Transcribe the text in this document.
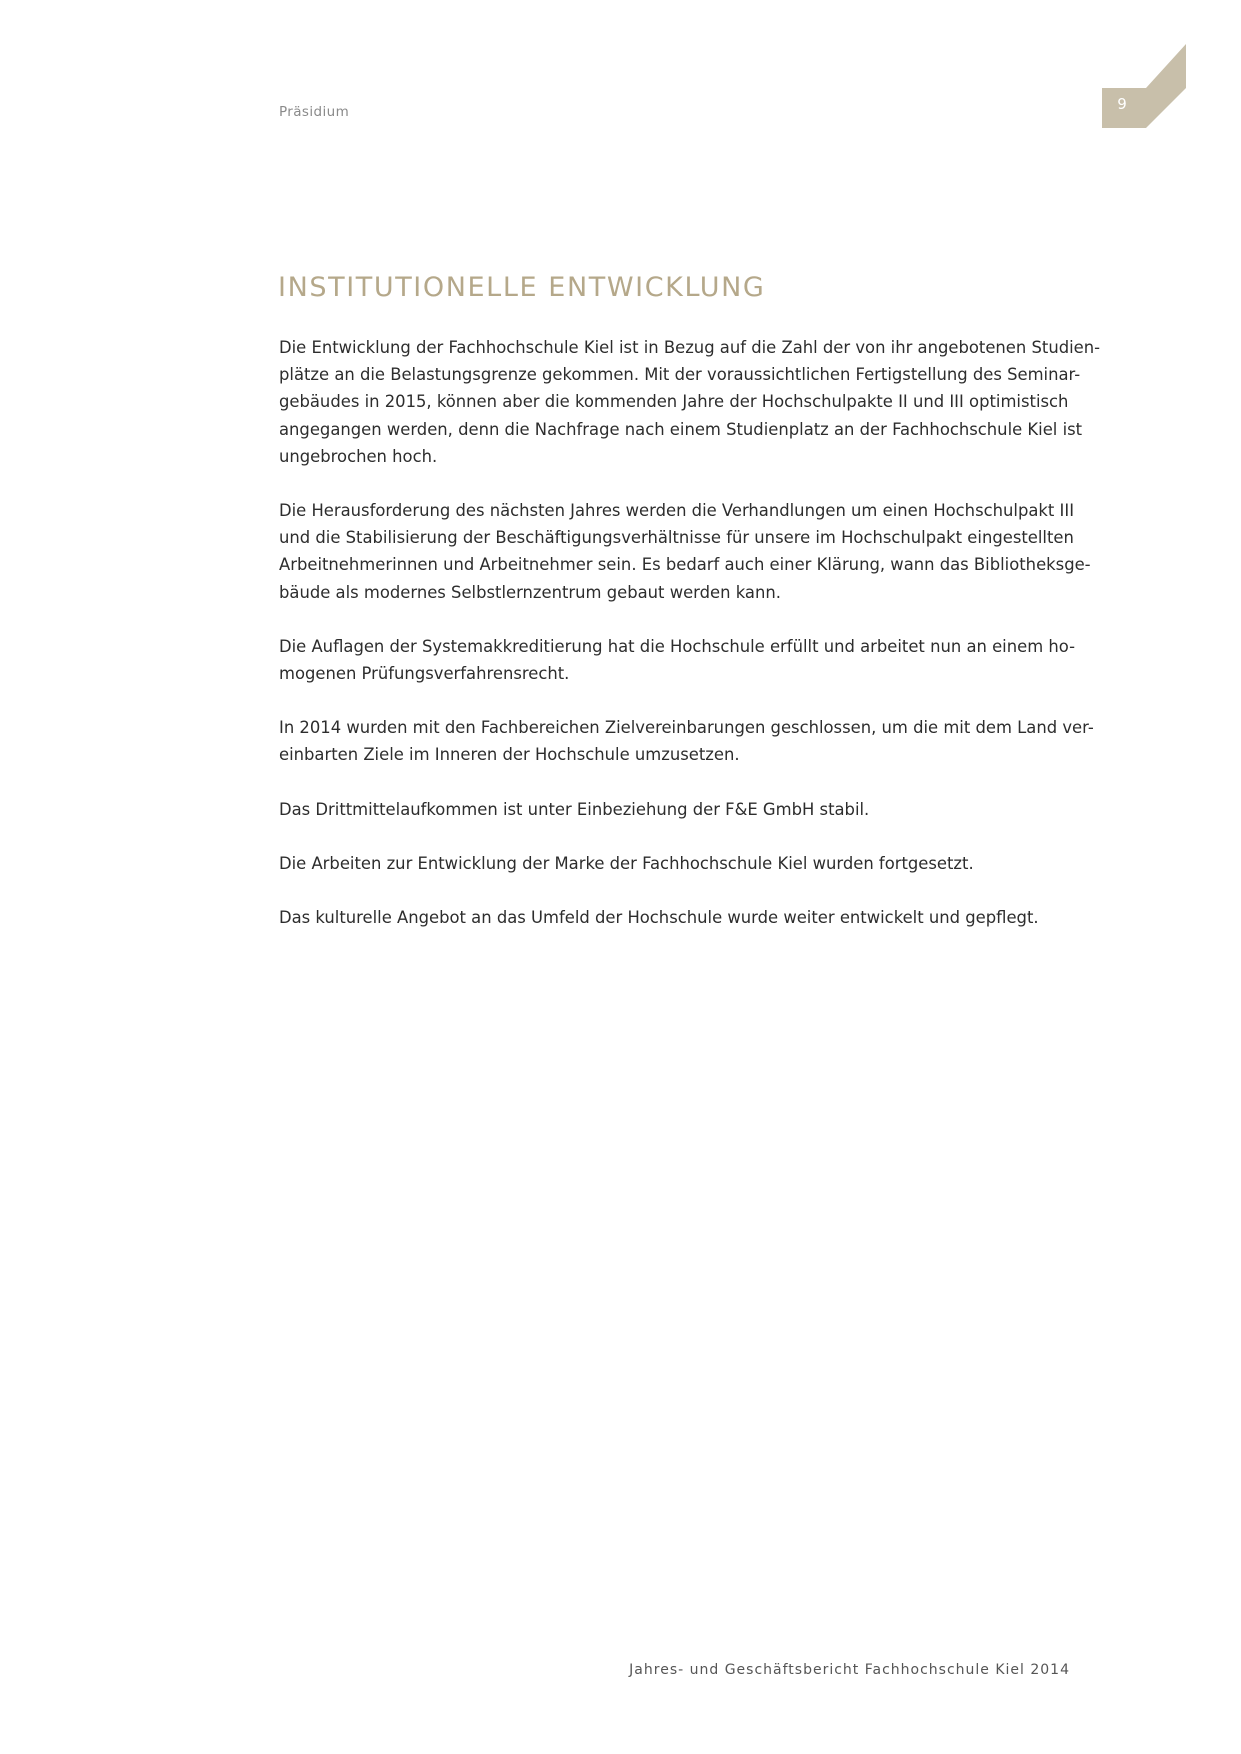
Präsidium	9
INSTITUTIONELLE ENTWICKLUNG

Die Entwicklung der Fachhochschule Kiel ist in Bezug auf die Zahl der von ihr angebotenen Studien-
plätze an die Belastungsgrenze gekommen. Mit der voraussichtlichen Fertigstellung des Seminar-
gebäudes in 2015, können aber die kommenden Jahre der Hochschulpakte II und III optimistisch
angegangen werden, denn die Nachfrage nach einem Studienplatz an der Fachhochschule Kiel ist
ungebrochen hoch.

Die Herausforderung des nächsten Jahres werden die Verhandlungen um einen Hochschulpakt III
und die Stabilisierung der Beschäftigungsverhältnisse für unsere im Hochschulpakt eingestellten
Arbeitnehmerinnen und Arbeitnehmer sein. Es bedarf auch einer Klärung, wann das Bibliotheksge-
bäude als modernes Selbstlernzentrum gebaut werden kann.

Die Auflagen der Systemakkreditierung hat die Hochschule erfüllt und arbeitet nun an einem ho-
mogenen Prüfungsverfahrensrecht.

In 2014 wurden mit den Fachbereichen Zielvereinbarungen geschlossen, um die mit dem Land ver-
einbarten Ziele im Inneren der Hochschule umzusetzen.

Das Drittmittelaufkommen ist unter Einbeziehung der F&E GmbH stabil.

Die Arbeiten zur Entwicklung der Marke der Fachhochschule Kiel wurden fortgesetzt.

Das kulturelle Angebot an das Umfeld der Hochschule wurde weiter entwickelt und gepflegt.

Jahres- und Geschäftsbericht Fachhochschule Kiel 2014
